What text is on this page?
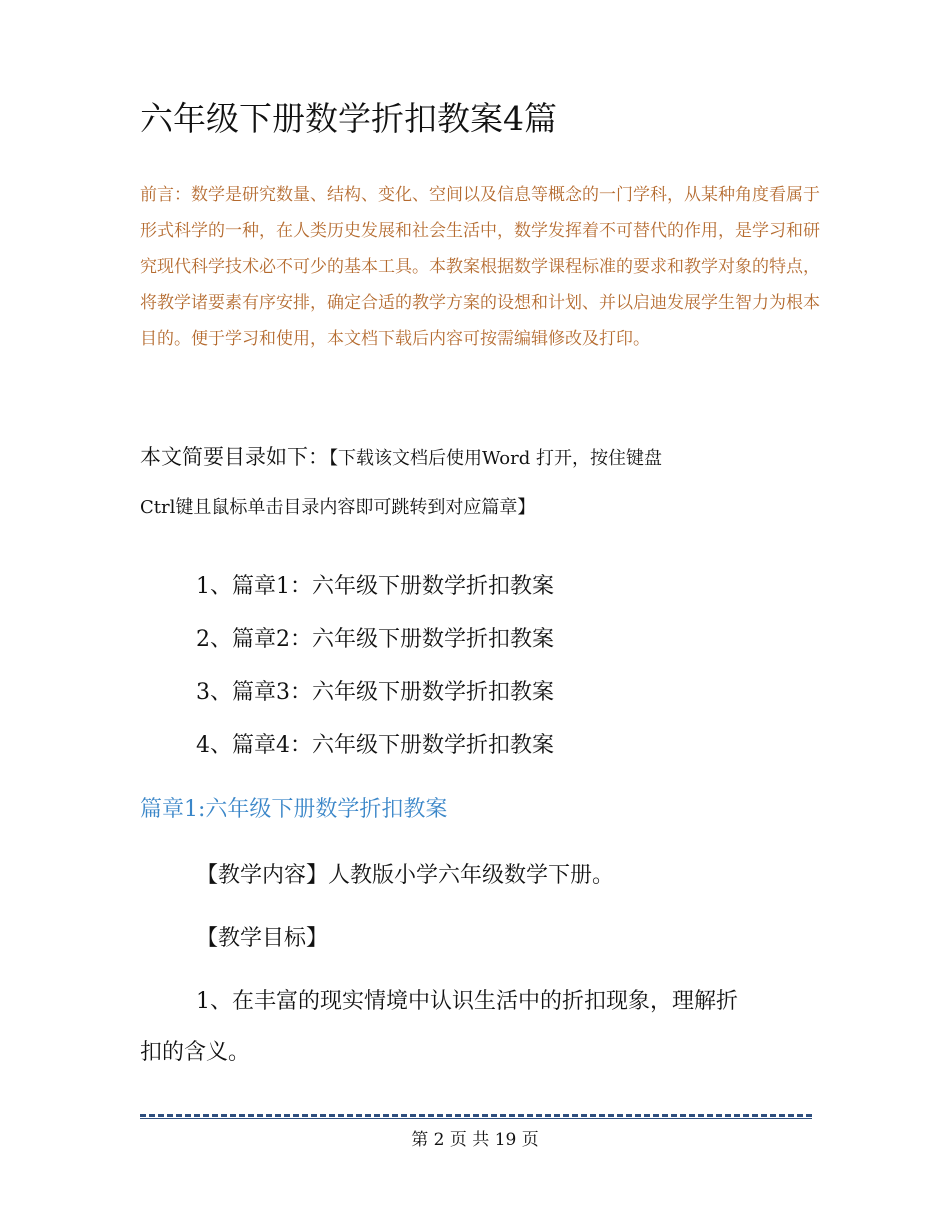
六年级下册数学折扣教案4篇
前言：数学是研究数量、结构、变化、空间以及信息等概念的一门学科，从某种角度看属于形式科学的一种，在人类历史发展和社会生活中，数学发挥着不可替代的作用，是学习和研究现代科学技术必不可少的基本工具。本教案根据数学课程标准的要求和教学对象的特点，将教学诸要素有序安排，确定合适的教学方案的设想和计划、并以启迪发展学生智力为根本目的。便于学习和使用，本文档下载后内容可按需编辑修改及打印。
本文简要目录如下：【下载该文档后使用Word 打开，按住键盘
Ctrl键且鼠标单击目录内容即可跳转到对应篇章】
1、篇章1：六年级下册数学折扣教案
2、篇章2：六年级下册数学折扣教案
3、篇章3：六年级下册数学折扣教案
4、篇章4：六年级下册数学折扣教案
篇章1:六年级下册数学折扣教案
【教学内容】人教版小学六年级数学下册。
【教学目标】
1、在丰富的现实情境中认识生活中的折扣现象，理解折
扣的含义。
第 2 页 共 19 页
